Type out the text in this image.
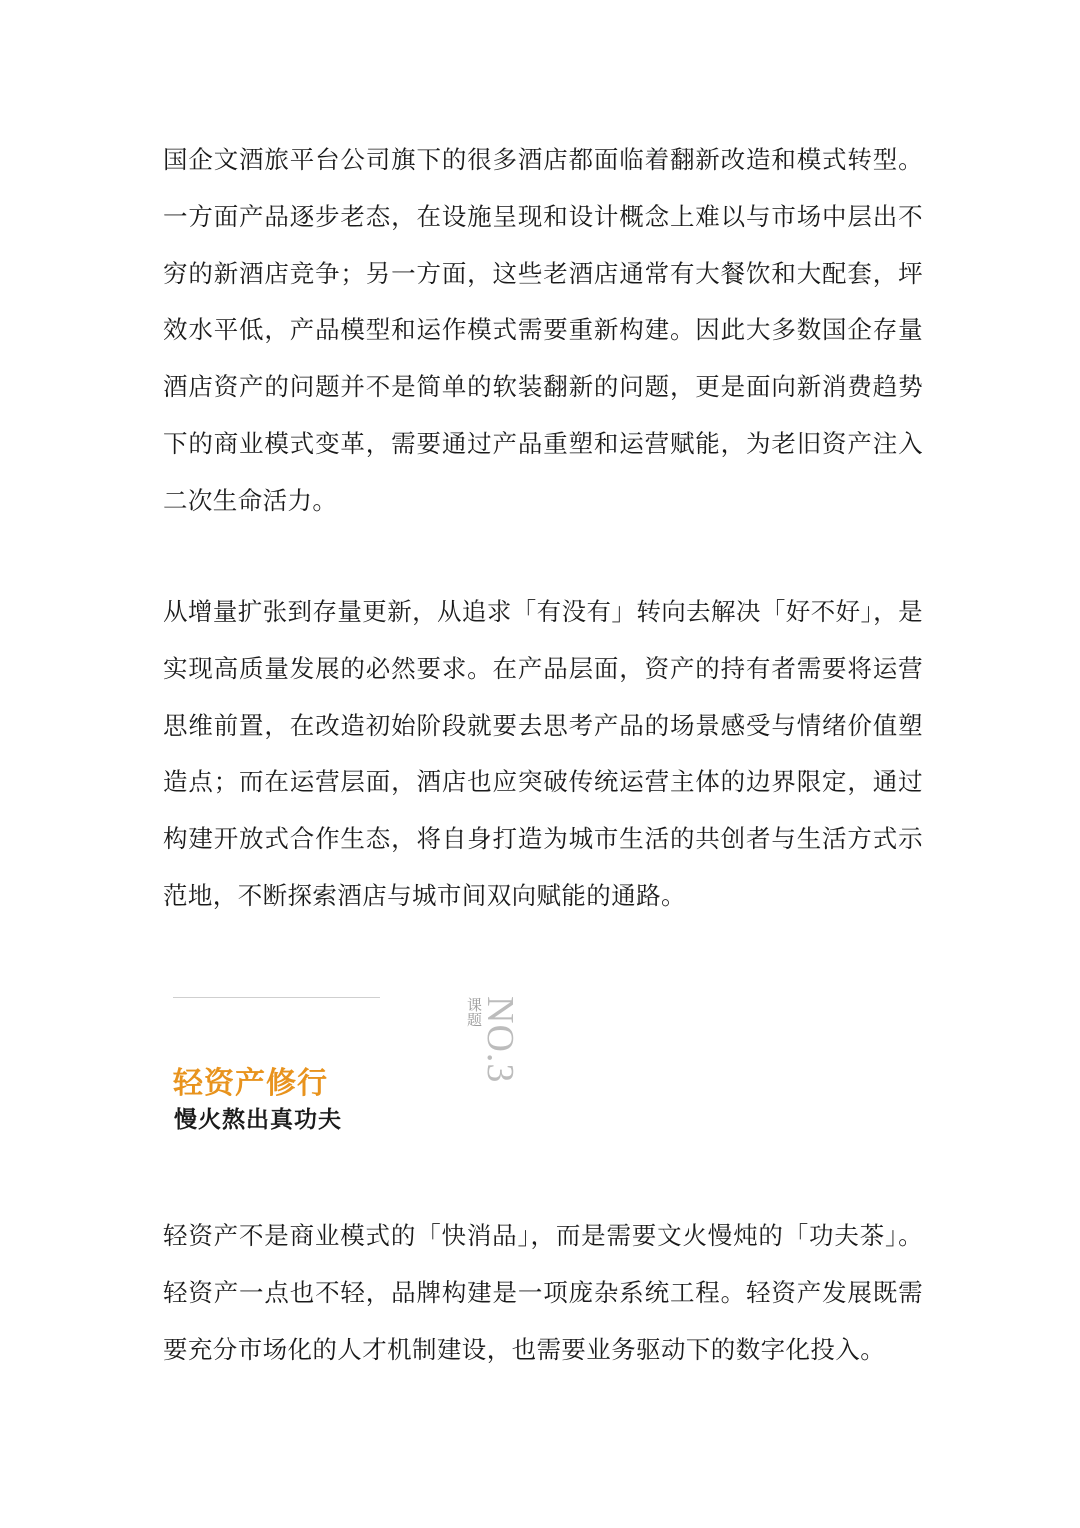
国企文酒旅平台公司旗下的很多酒店都面临着翻新改造和模式转型。一方面产品逐步老态，在设施呈现和设计概念上难以与市场中层出不穷的新酒店竞争；另一方面，这些老酒店通常有大餐饮和大配套，坪效水平低，产品模型和运作模式需要重新构建。因此大多数国企存量酒店资产的问题并不是简单的软装翻新的问题，更是面向新消费趋势下的商业模式变革，需要通过产品重塑和运营赋能，为老旧资产注入二次生命活力。

从增量扩张到存量更新，从追求「有没有」转向去解决「好不好」，是实现高质量发展的必然要求。在产品层面，资产的持有者需要将运营思维前置，在改造初始阶段就要去思考产品的场景感受与情绪价值塑造点；而在运营层面，酒店也应突破传统运营主体的边界限定，通过构建开放式合作生态，将自身打造为城市生活的共创者与生活方式示范地，不断探索酒店与城市间双向赋能的通路。

课题
NO.3
轻资产修行
慢火熬出真功夫

轻资产不是商业模式的「快消品」，而是需要文火慢炖的「功夫茶」。轻资产一点也不轻，品牌构建是一项庞杂系统工程。轻资产发展既需要充分市场化的人才机制建设，也需要业务驱动下的数字化投入。
